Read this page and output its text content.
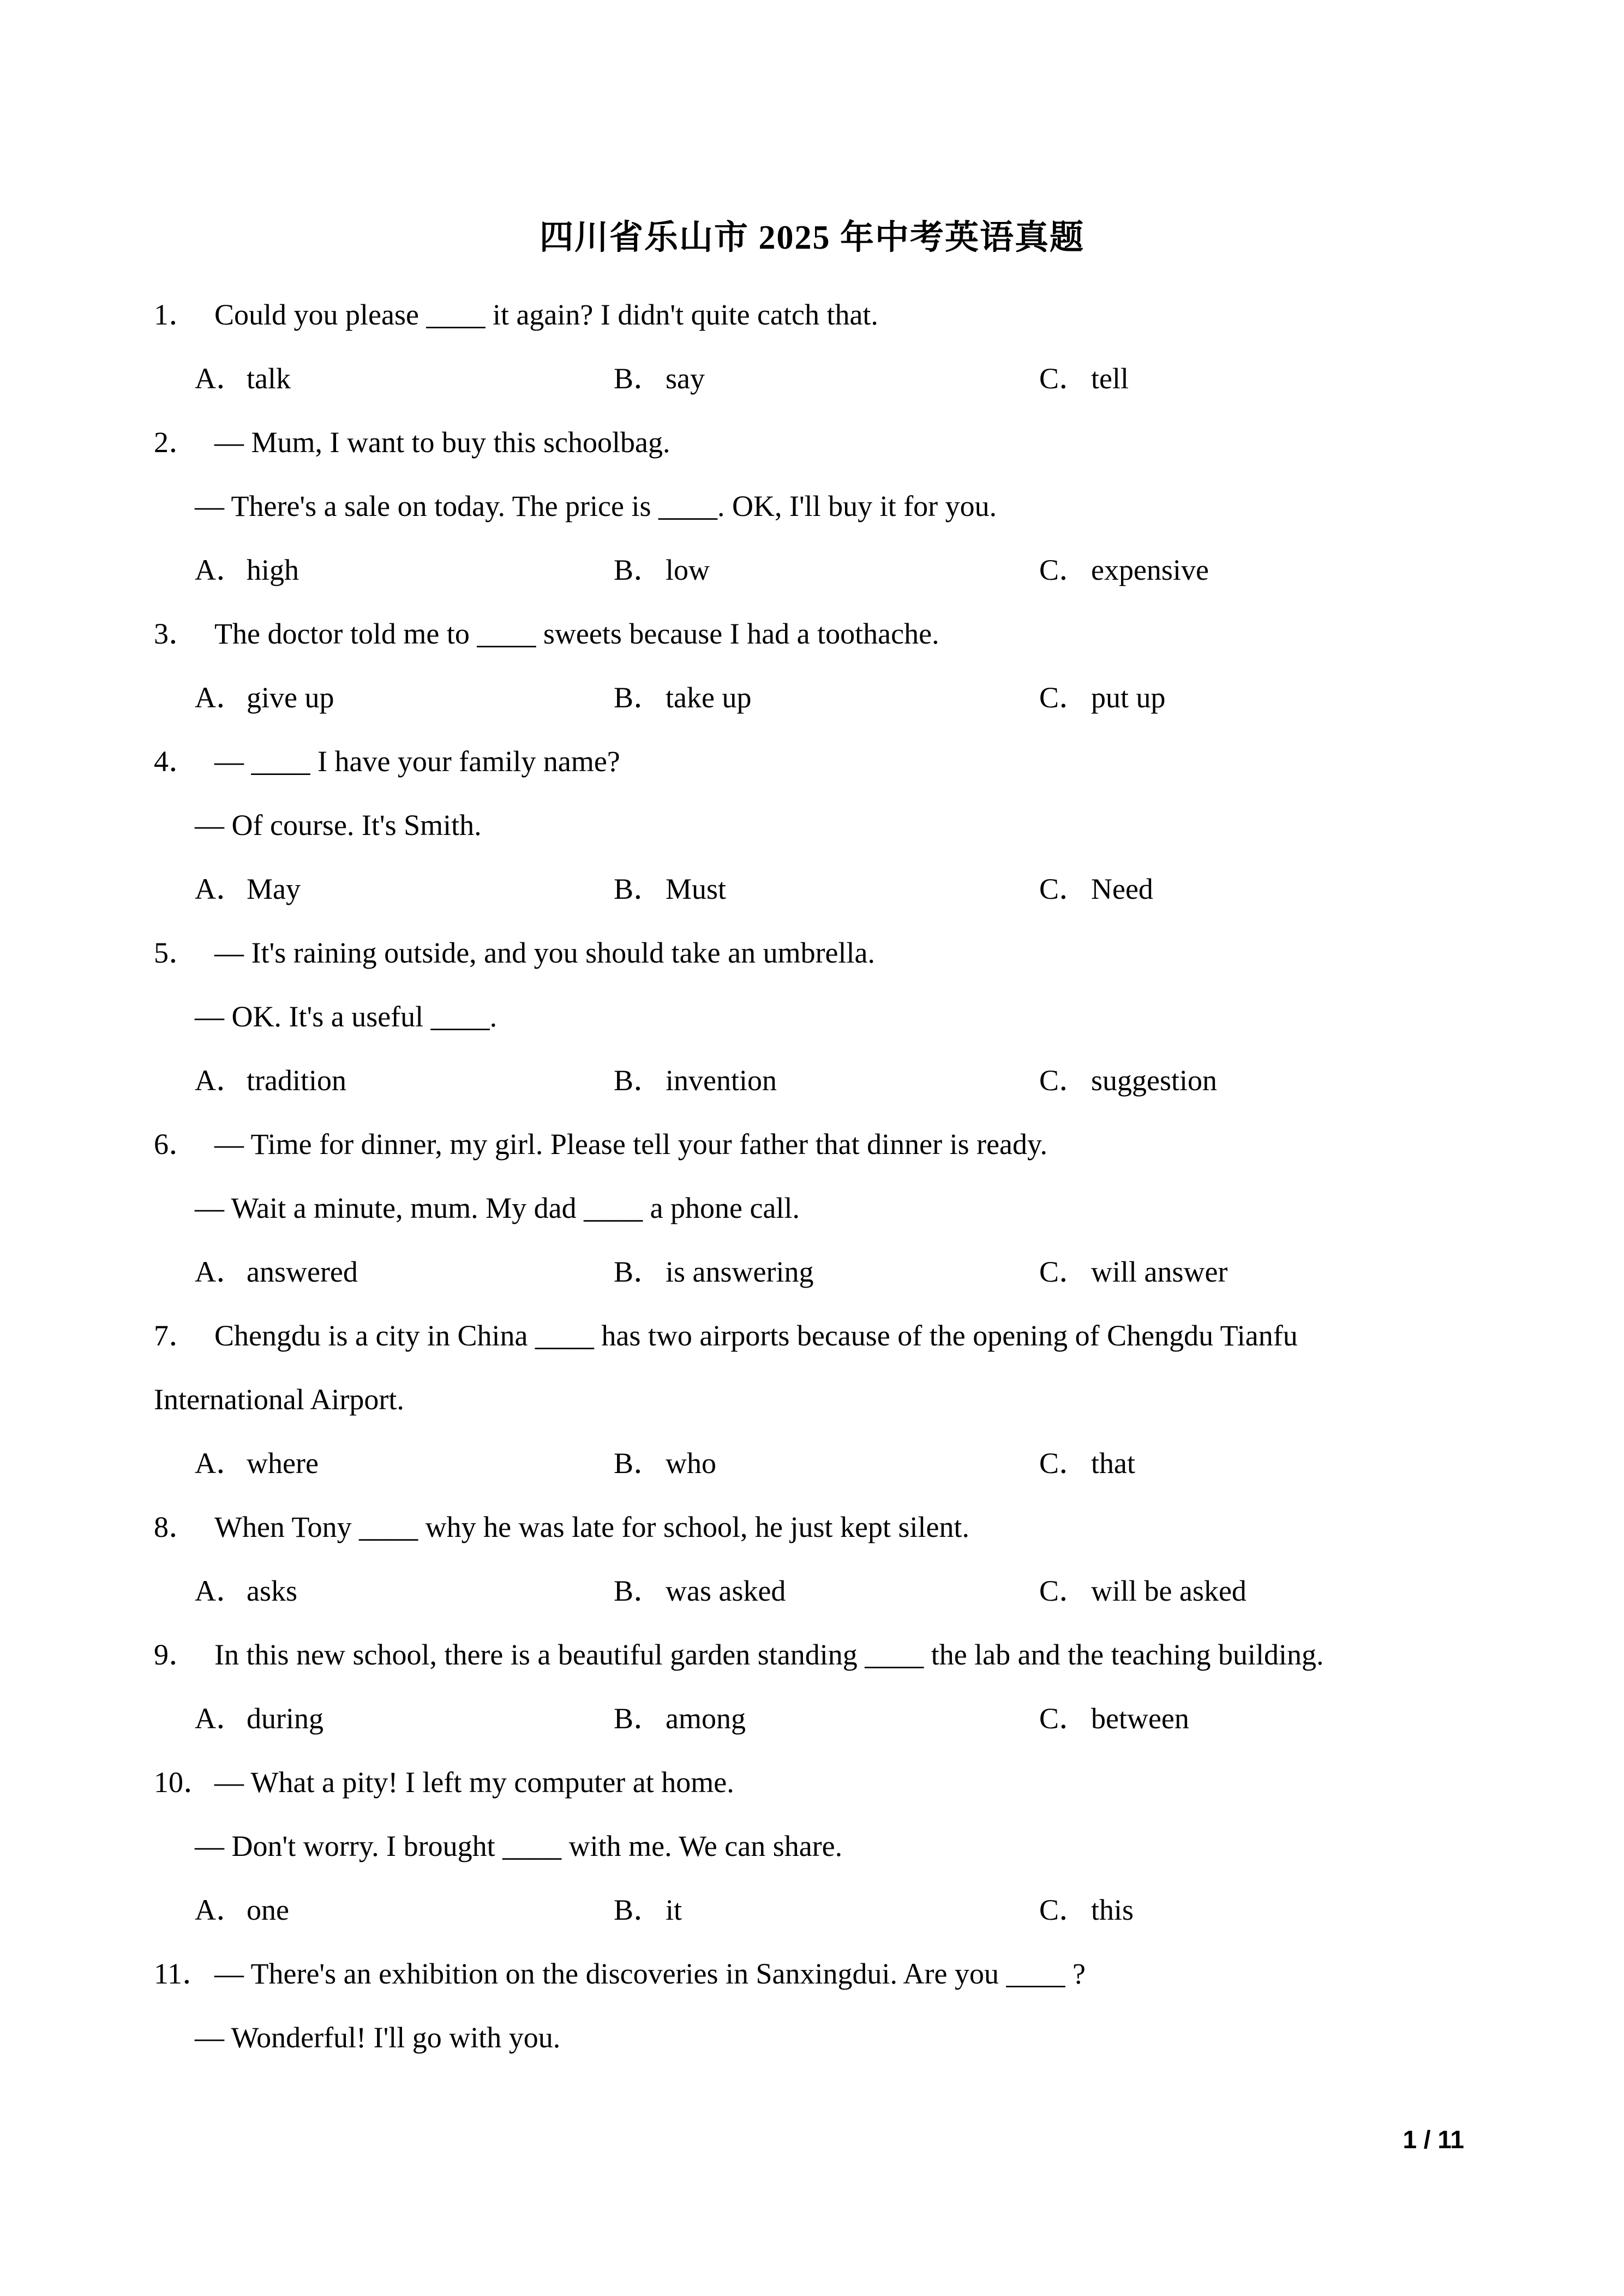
四川省乐山市 2025 年中考英语真题
1． Could you please ____ it again? I didn't quite catch that.
A．talk	B．say	C．tell
2． — Mum, I want to buy this schoolbag.
— There's a sale on today. The price is ____. OK, I'll buy it for you.
A．high	B．low	C．expensive
3． The doctor told me to ____ sweets because I had a toothache.
A．give up	B．take up	C．put up
4． — ____ I have your family name?
— Of course. It's Smith.
A．May	B．Must	C．Need
5． — It's raining outside, and you should take an umbrella.
— OK. It's a useful ____.
A．tradition	B．invention	C．suggestion
6． — Time for dinner, my girl. Please tell your father that dinner is ready.
— Wait a minute, mum. My dad ____ a phone call.
A．answered	B．is answering	C．will answer
7． Chengdu is a city in China ____ has two airports because of the opening of Chengdu Tianfu
International Airport.
A．where	B．who	C．that
8． When Tony ____ why he was late for school, he just kept silent.
A．asks	B．was asked	C．will be asked
9． In this new school, there is a beautiful garden standing ____ the lab and the teaching building.
A．during	B．among	C．between
10．— What a pity! I left my computer at home.
— Don't worry. I brought ____ with me. We can share.
A．one	B．it	C．this
11．— There's an exhibition on the discoveries in Sanxingdui. Are you ____ ?
— Wonderful! I'll go with you.
1 / 11
